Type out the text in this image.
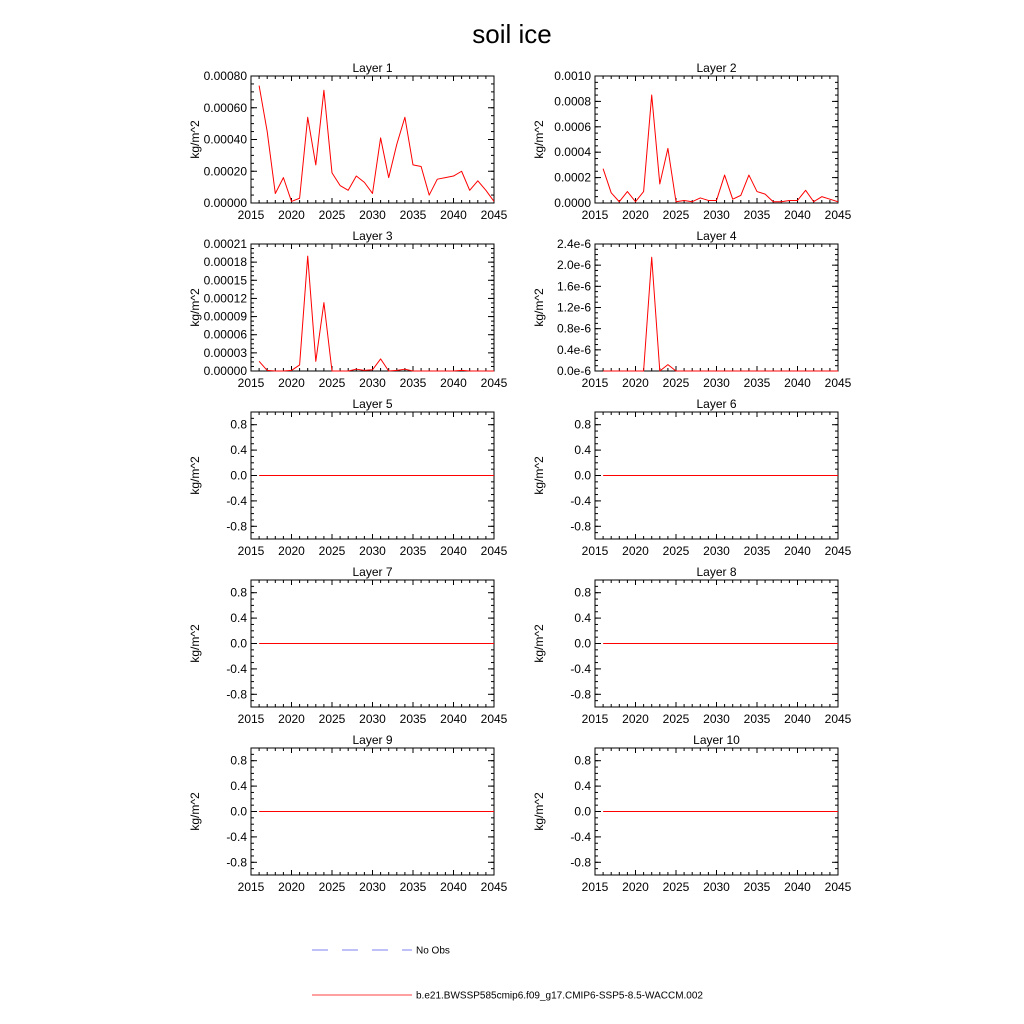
soil ice
Layer 1
kg/m^2
2015 2020 2025 2030 2035 2040 2045
0.00000
0.00020
0.00040
0.00060
0.00080
Layer 2
kg/m^2
2015 2020 2025 2030 2035 2040 2045
0.0000
0.0002
0.0004
0.0006
0.0008
0.0010
Layer 3
kg/m^2
2015 2020 2025 2030 2035 2040 2045
0.00000
0.00003
0.00006
0.00009
0.00012
0.00015
0.00018
0.00021
Layer 4
kg/m^2
2015 2020 2025 2030 2035 2040 2045
0.0e-6
0.4e-6
0.8e-6
1.2e-6
1.6e-6
2.0e-6
2.4e-6
Layer 5
kg/m^2
2015 2020 2025 2030 2035 2040 2045
-0.8
-0.4
0.0
0.4
0.8
Layer 6
kg/m^2
2015 2020 2025 2030 2035 2040 2045
-0.8
-0.4
0.0
0.4
0.8
Layer 7
kg/m^2
2015 2020 2025 2030 2035 2040 2045
-0.8
-0.4
0.0
0.4
0.8
Layer 8
kg/m^2
2015 2020 2025 2030 2035 2040 2045
-0.8
-0.4
0.0
0.4
0.8
Layer 9
kg/m^2
2015 2020 2025 2030 2035 2040 2045
-0.8
-0.4
0.0
0.4
0.8
Layer 10
kg/m^2
2015 2020 2025 2030 2035 2040 2045
-0.8
-0.4
0.0
0.4
0.8
No Obs
b.e21.BWSSP585cmip6.f09_g17.CMIP6-SSP5-8.5-WACCM.002
